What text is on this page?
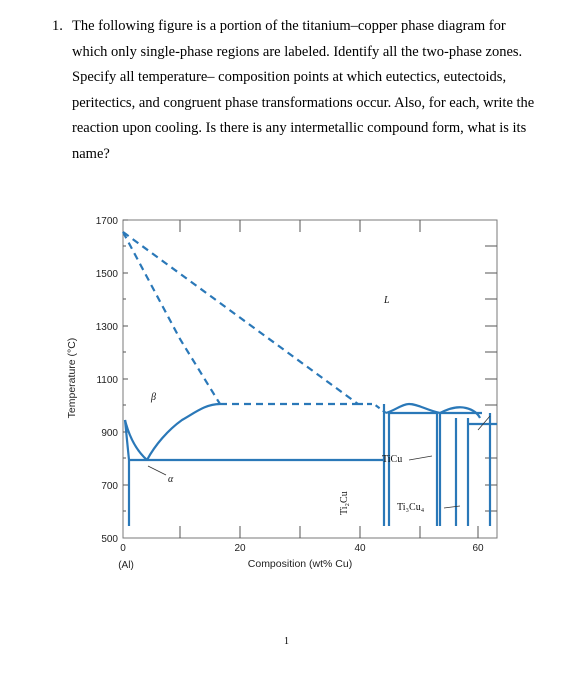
1. The following figure is a portion of the titanium–copper phase diagram for
which only single-phase regions are labeled. Identify all the two-phase zones.
Specify all temperature– composition points at which eutectics, eutectoids,
peritectics, and congruent phase transformations occur. Also, for each, write the
reaction upon cooling. Is there is any intermetallic compound form, what is its
name?
1700
1500
1300
1100
900
700
500
0	20	40	60
(Al)	Composition (wt% Cu)
Temperature (°C)
L
β
α
Ti₂Cu
TiCu
Ti₃Cu₄
1
